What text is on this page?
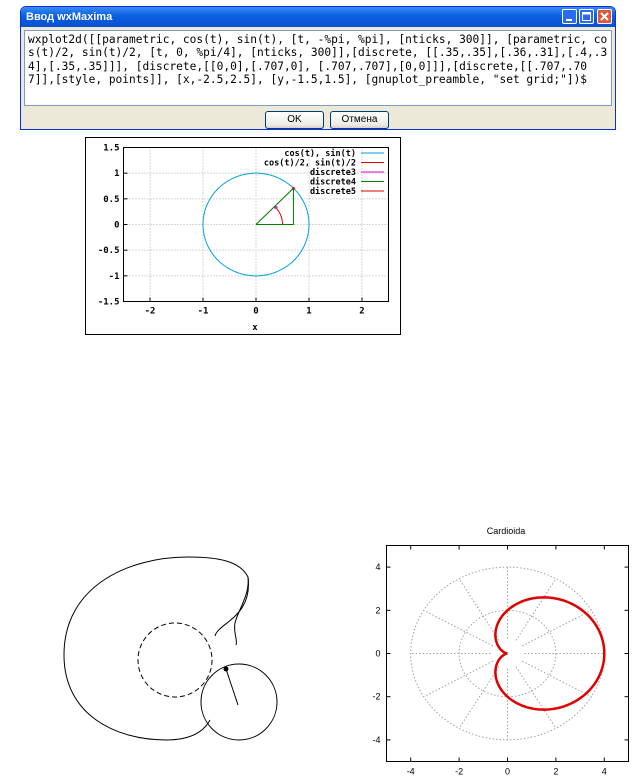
Ввод wxMaxima
wxplot2d([[parametric, cos(t), sin(t), [t, -%pi, %pi], [nticks, 300]], [parametric, cos(t)/2, sin(t)/2, [t, 0, %pi/4], [nticks, 300]],[discrete, [[.35,.35],[.36,.31],[.4,.34],[.35,.35]]], [discrete,[[0,0],[.707,0], [.707,.707],[0,0]]],[discrete,[[.707,.707]],[style, points]], [x,-2.5,2.5], [y,-1.5,1.5], [gnuplot_preamble, "set grid;"])$
OK	Отмена
-2	-1	0	1	2
1.5
1
0.5
0
-0.5
-1
-1.5
cos(t), sin(t)
cos(t)/2, sin(t)/2
discrete3
discrete4
discrete5
x
Cardioida
-4	-2	0	2	4
4
2
0
-2
-4
